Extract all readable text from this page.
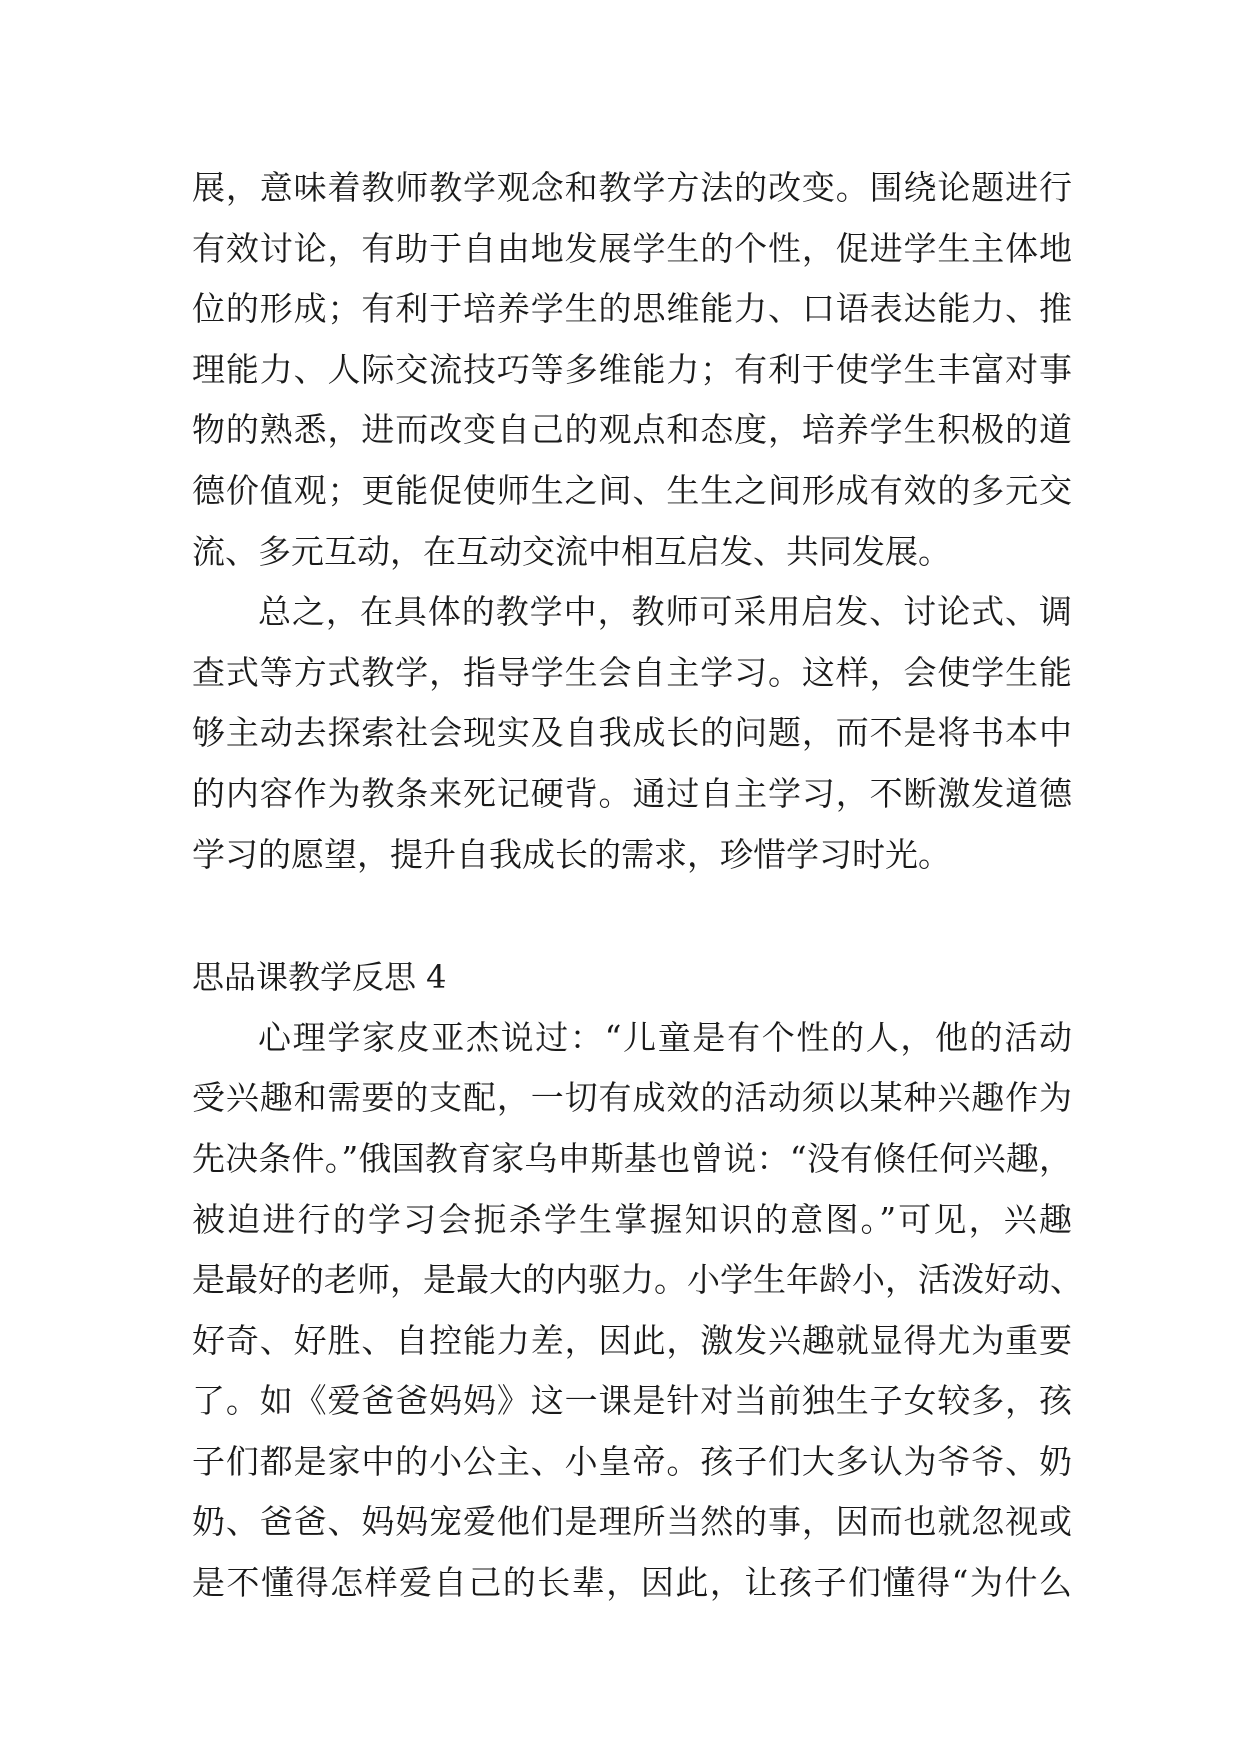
展，意味着教师教学观念和教学方法的改变。围绕论题进行
有效讨论，有助于自由地发展学生的个性，促进学生主体地
位的形成；有利于培养学生的思维能力、口语表达能力、推
理能力、人际交流技巧等多维能力；有利于使学生丰富对事
物的熟悉，进而改变自己的观点和态度，培养学生积极的道
德价值观；更能促使师生之间、生生之间形成有效的多元交
流、多元互动，在互动交流中相互启发、共同发展。
总之，在具体的教学中，教师可采用启发、讨论式、调
查式等方式教学，指导学生会自主学习。这样，会使学生能
够主动去探索社会现实及自我成长的问题，而不是将书本中
的内容作为教条来死记硬背。通过自主学习，不断激发道德
学习的愿望，提升自我成长的需求，珍惜学习时光。
思品课教学反思 4
心理学家皮亚杰说过：“儿童是有个性的人，他的活动
受兴趣和需要的支配，一切有成效的活动须以某种兴趣作为
先决条件。”俄国教育家乌申斯基也曾说：“没有倏任何兴趣，
被迫进行的学习会扼杀学生掌握知识的意图。”可见，兴趣
是最好的老师，是最大的内驱力。小学生年龄小，活泼好动、
好奇、好胜、自控能力差，因此，激发兴趣就显得尤为重要
了。如《爱爸爸妈妈》这一课是针对当前独生子女较多，孩
子们都是家中的小公主、小皇帝。孩子们大多认为爷爷、奶
奶、爸爸、妈妈宠爱他们是理所当然的事，因而也就忽视或
是不懂得怎样爱自己的长辈，因此，让孩子们懂得“为什么
